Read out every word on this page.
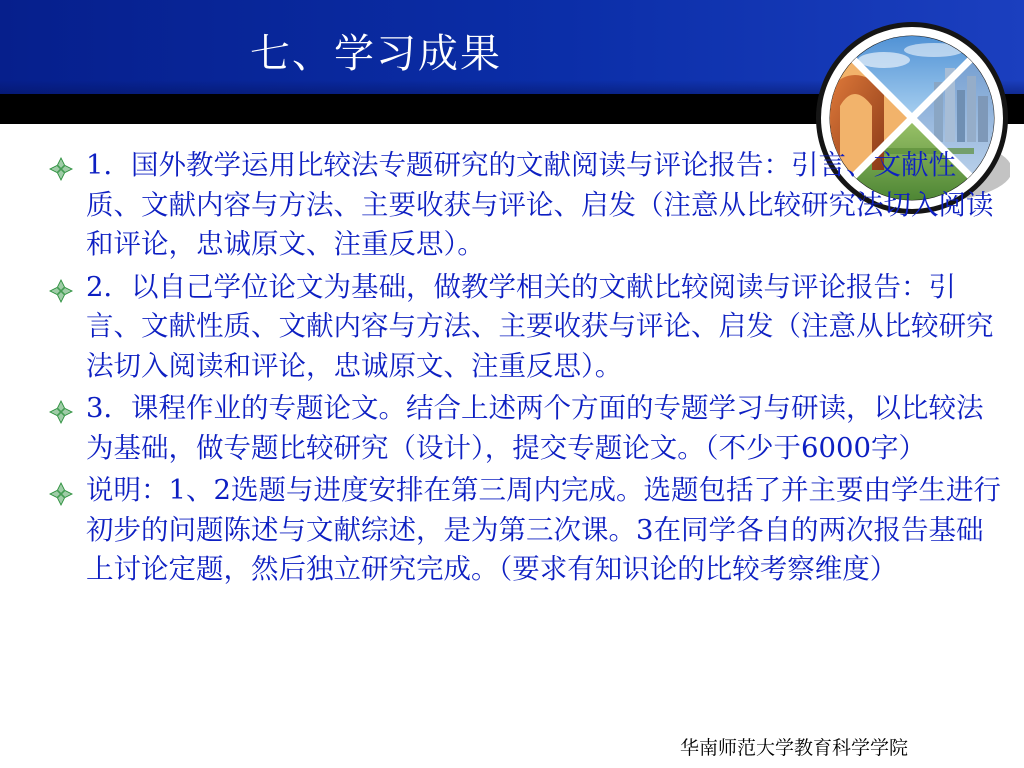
七、学习成果
1．国外教学运用比较法专题研究的文献阅读与评论报告：引言、文献性质、文献内容与方法、主要收获与评论、启发（注意从比较研究法切入阅读和评论，忠诚原文、注重反思）。
2．以自己学位论文为基础，做教学相关的文献比较阅读与评论报告：引言、文献性质、文献内容与方法、主要收获与评论、启发（注意从比较研究法切入阅读和评论，忠诚原文、注重反思）。
3．课程作业的专题论文。结合上述两个方面的专题学习与研读，以比较法为基础，做专题比较研究（设计），提交专题论文。（不少于6000字）
说明：1、2选题与进度安排在第三周内完成。选题包括了并主要由学生进行初步的问题陈述与文献综述，是为第三次课。3在同学各自的两次报告基础上讨论定题，然后独立研究完成。（要求有知识论的比较考察维度）
华南师范大学教育科学学院
